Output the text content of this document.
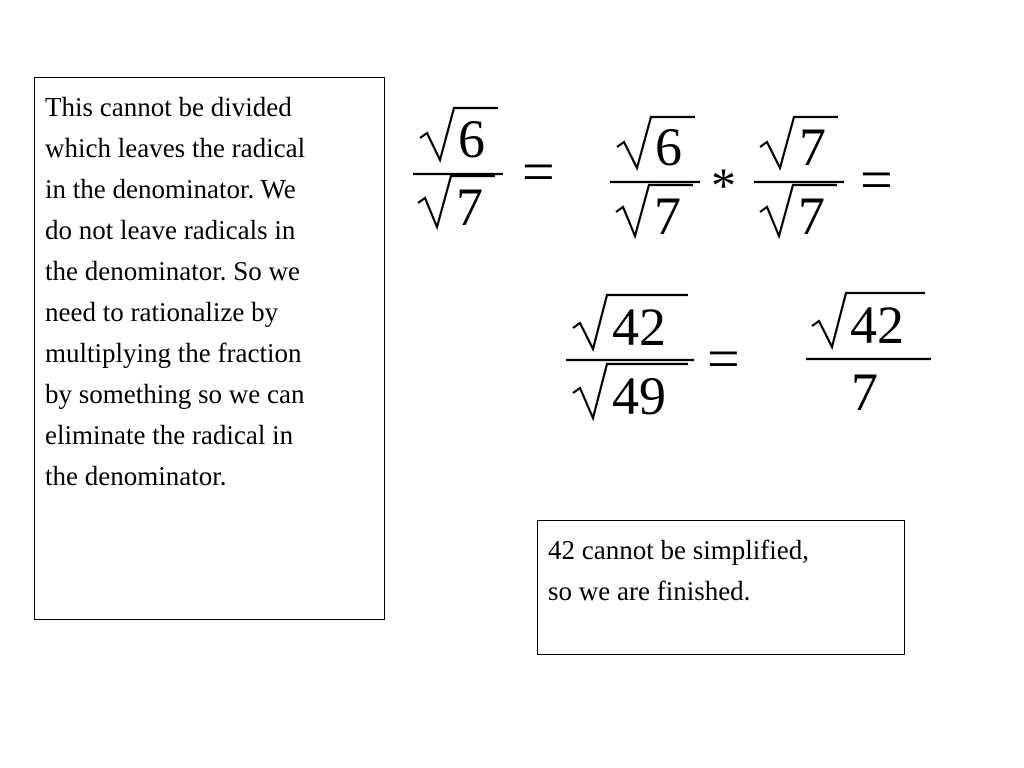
This cannot be divided

which leaves the radical

in the denominator. We

do not leave radicals in

the denominator. So we

need to rationalize by

multiplying the fraction

by something so we can

eliminate the radical in

the denominator.

42 cannot be simplified,

so we are finished.

6
7
= 6
7
*
7
7
=
42
49
=
42
7
